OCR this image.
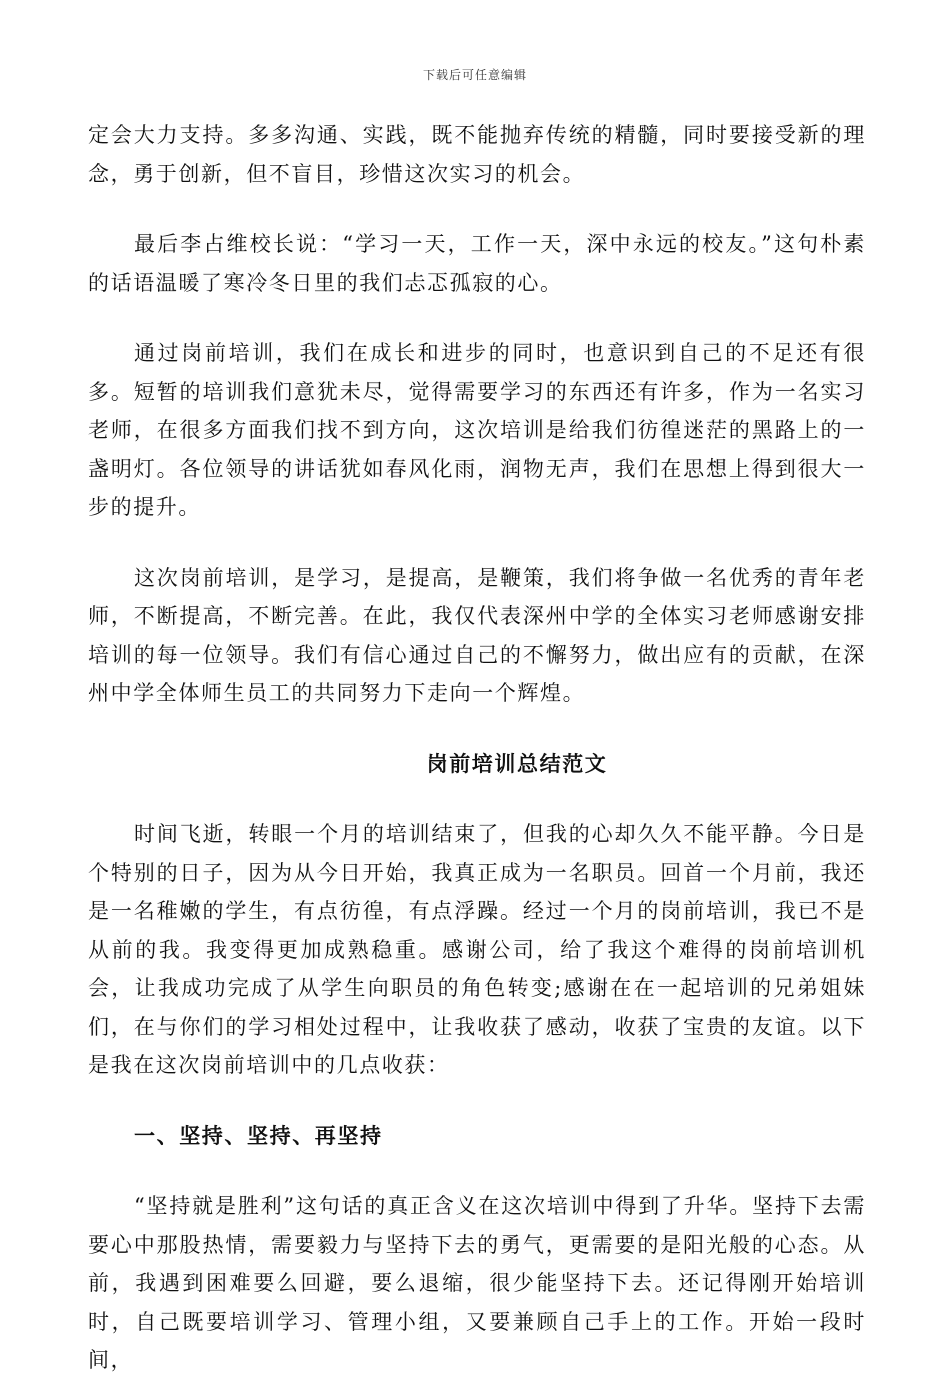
下载后可任意编辑

定会大力支持。多多沟通、实践，既不能抛弃传统的精髓，同时要接受新的理念，勇于创新，但不盲目，珍惜这次实习的机会。

最后李占维校长说：“学习一天，工作一天，深中永远的校友。”这句朴素的话语温暖了寒冷冬日里的我们忐忑孤寂的心。

通过岗前培训，我们在成长和进步的同时，也意识到自己的不足还有很多。短暂的培训我们意犹未尽，觉得需要学习的东西还有许多，作为一名实习老师，在很多方面我们找不到方向，这次培训是给我们彷徨迷茫的黑路上的一盏明灯。各位领导的讲话犹如春风化雨，润物无声，我们在思想上得到很大一步的提升。

这次岗前培训，是学习，是提高，是鞭策，我们将争做一名优秀的青年老师，不断提高，不断完善。在此，我仅代表深州中学的全体实习老师感谢安排培训的每一位领导。我们有信心通过自己的不懈努力，做出应有的贡献，在深州中学全体师生员工的共同努力下走向一个辉煌。

岗前培训总结范文

时间飞逝，转眼一个月的培训结束了，但我的心却久久不能平静。今日是个特别的日子，因为从今日开始，我真正成为一名职员。回首一个月前，我还是一名稚嫩的学生，有点彷徨，有点浮躁。经过一个月的岗前培训，我已不是从前的我。我变得更加成熟稳重。感谢公司，给了我这个难得的岗前培训机会，让我成功完成了从学生向职员的角色转变;感谢在在一起培训的兄弟姐妹们，在与你们的学习相处过程中，让我收获了感动，收获了宝贵的友谊。以下是我在这次岗前培训中的几点收获：

一、坚持、坚持、再坚持

“坚持就是胜利”这句话的真正含义在这次培训中得到了升华。坚持下去需要心中那股热情，需要毅力与坚持下去的勇气，更需要的是阳光般的心态。从前，我遇到困难要么回避，要么退缩，很少能坚持下去。还记得刚开始培训时，自己既要培训学习、管理小组，又要兼顾自己手上的工作。开始一段时间，
